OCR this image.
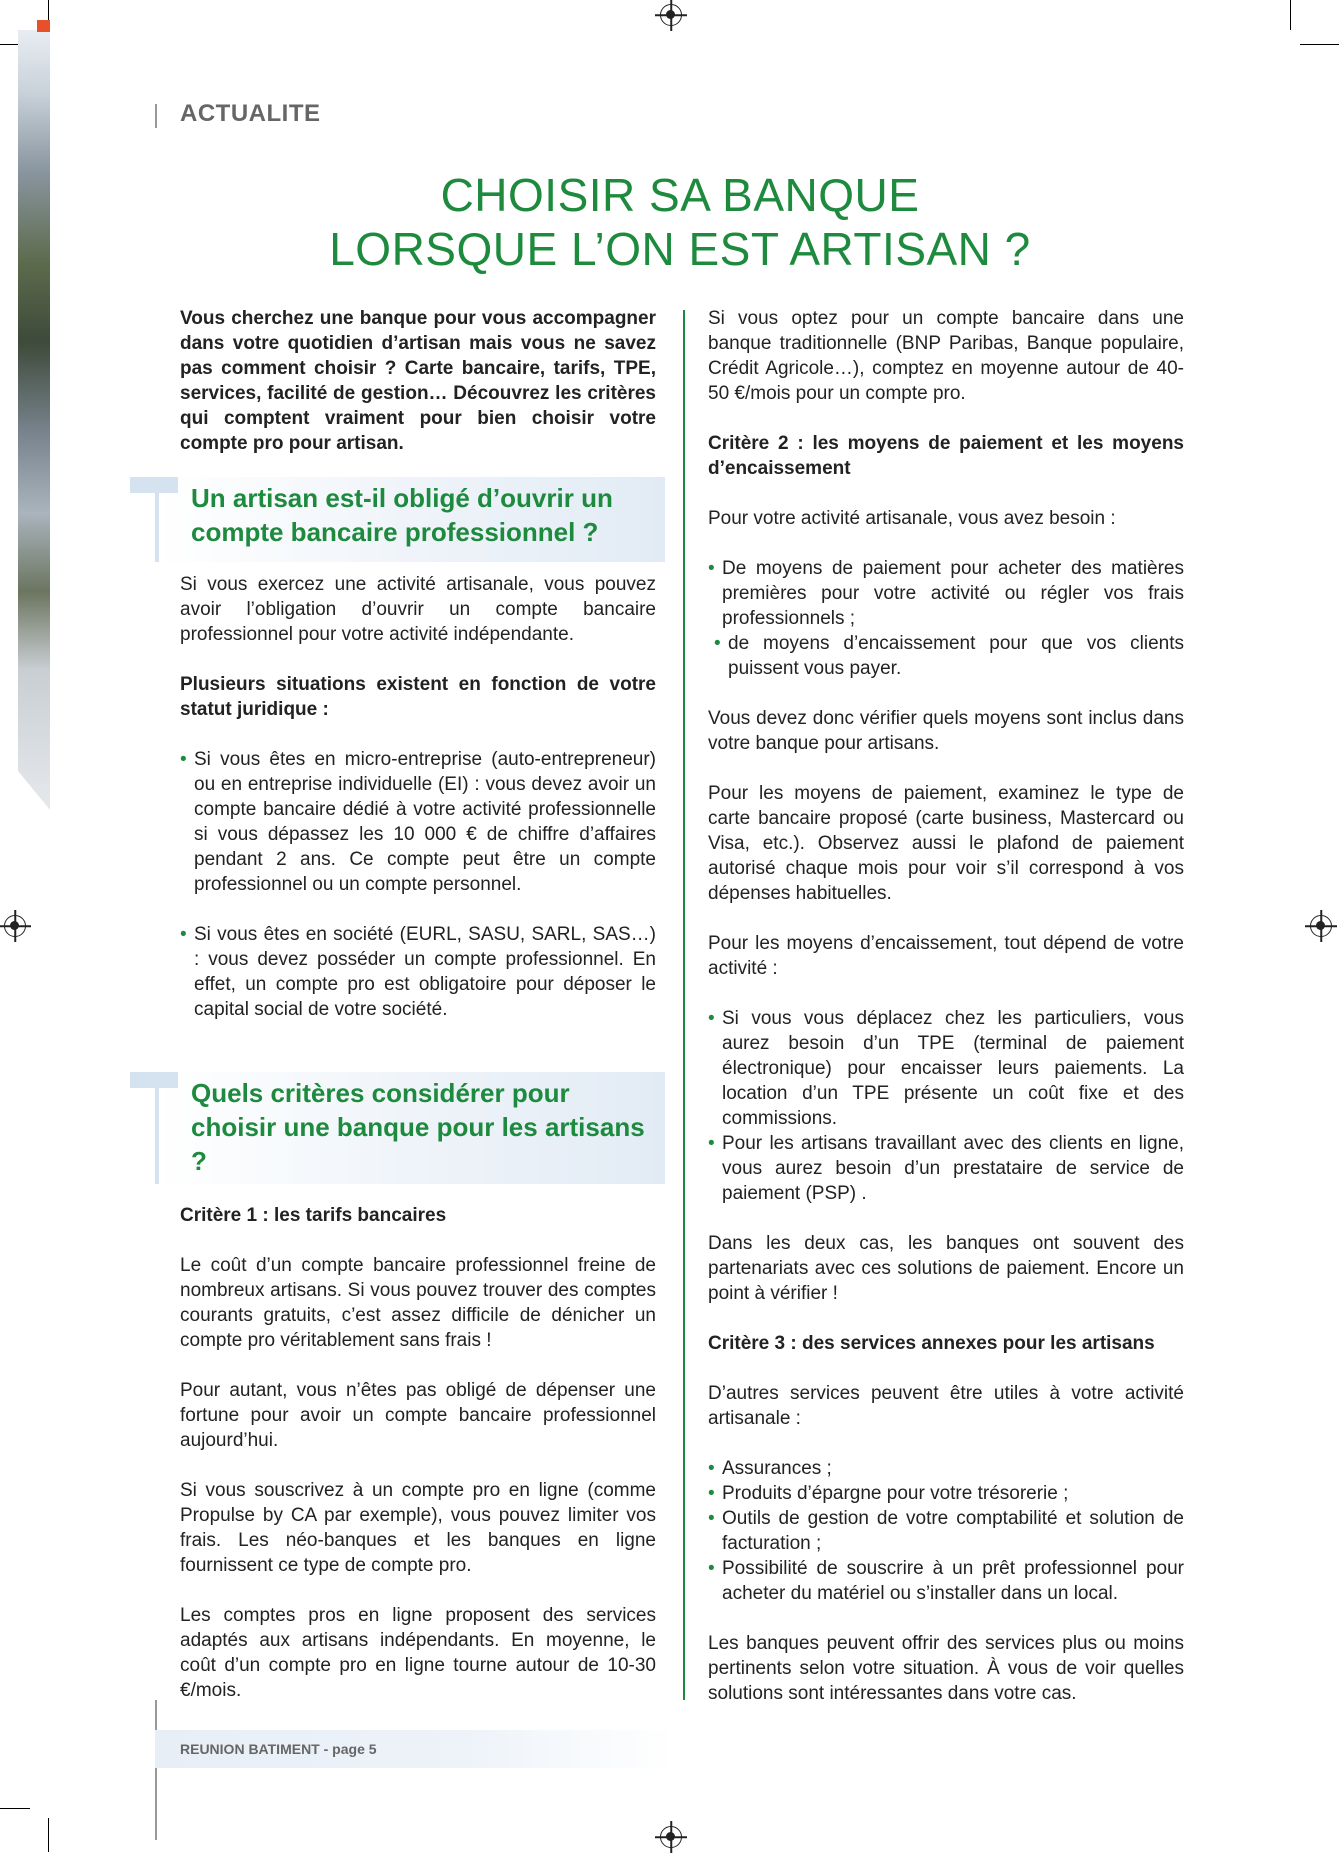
ACTUALITE
CHOISIR SA BANQUE
LORSQUE L’ON EST ARTISAN ?

Vous cherchez une banque pour vous accompagner dans votre quotidien d’artisan mais vous ne savez pas comment choisir ? Carte bancaire, tarifs, TPE, services, facilité de gestion… Découvrez les critères qui comptent vraiment pour bien choisir votre compte pro pour artisan.

Un artisan est-il obligé d’ouvrir un compte bancaire professionnel ?

Si vous exercez une activité artisanale, vous pouvez avoir l’obligation d’ouvrir un compte bancaire professionnel pour votre activité indépendante.

Plusieurs situations existent en fonction de votre statut juridique :

• Si vous êtes en micro-entreprise (auto-entrepreneur) ou en entreprise individuelle (EI) : vous devez avoir un compte bancaire dédié à votre activité professionnelle si vous dépassez les 10 000 € de chiffre d’affaires pendant 2 ans. Ce compte peut être un compte professionnel ou un compte personnel.
• Si vous êtes en société (EURL, SASU, SARL, SAS…) : vous devez posséder un compte professionnel. En effet, un compte pro est obligatoire pour déposer le capital social de votre société.
Quels critères considérer pour choisir une banque pour les artisans ?

Critère 1 : les tarifs bancaires

Le coût d’un compte bancaire professionnel freine de nombreux artisans. Si vous pouvez trouver des comptes courants gratuits, c’est assez difficile de dénicher un compte pro véritablement sans frais !

Pour autant, vous n’êtes pas obligé de dépenser une fortune pour avoir un compte bancaire professionnel aujourd’hui.

Si vous souscrivez à un compte pro en ligne (comme Propulse by CA par exemple), vous pouvez limiter vos frais. Les néo-banques et les banques en ligne fournissent ce type de compte pro.

Les comptes pros en ligne proposent des services adaptés aux artisans indépendants. En moyenne, le coût d’un compte pro en ligne tourne autour de 10-30 €/mois.

Si vous optez pour un compte bancaire dans une banque traditionnelle (BNP Paribas, Banque populaire, Crédit Agricole…), comptez en moyenne autour de 40-50 €/mois pour un compte pro.

Critère 2 : les moyens de paiement et les moyens d’encaissement

Pour votre activité artisanale, vous avez besoin :

• De moyens de paiement pour acheter des matières premières pour votre activité ou régler vos frais professionnels ;
• de moyens d’encaissement pour que vos clients puissent vous payer.

Vous devez donc vérifier quels moyens sont inclus dans votre banque pour artisans.

Pour les moyens de paiement, examinez le type de carte bancaire proposé (carte business, Mastercard ou Visa, etc.). Observez aussi le plafond de paiement autorisé chaque mois pour voir s’il correspond à vos dépenses habituelles.

Pour les moyens d’encaissement, tout dépend de votre activité :

• Si vous vous déplacez chez les particuliers, vous aurez besoin d’un TPE (terminal de paiement électronique) pour encaisser leurs paiements. La location d’un TPE présente un coût fixe et des commissions.
• Pour les artisans travaillant avec des clients en ligne, vous aurez besoin d’un prestataire de service de paiement (PSP) .

Dans les deux cas, les banques ont souvent des partenariats avec ces solutions de paiement. Encore un point à vérifier !

Critère 3 : des services annexes pour les artisans

D’autres services peuvent être utiles à votre activité artisanale :

• Assurances ;
• Produits d’épargne pour votre trésorerie ;
• Outils de gestion de votre comptabilité et solution de facturation ;
• Possibilité de souscrire à un prêt professionnel pour acheter du matériel ou s’installer dans un local.

Les banques peuvent offrir des services plus ou moins pertinents selon votre situation. À vous de voir quelles solutions sont intéressantes dans votre cas.

REUNION BATIMENT - page 5
